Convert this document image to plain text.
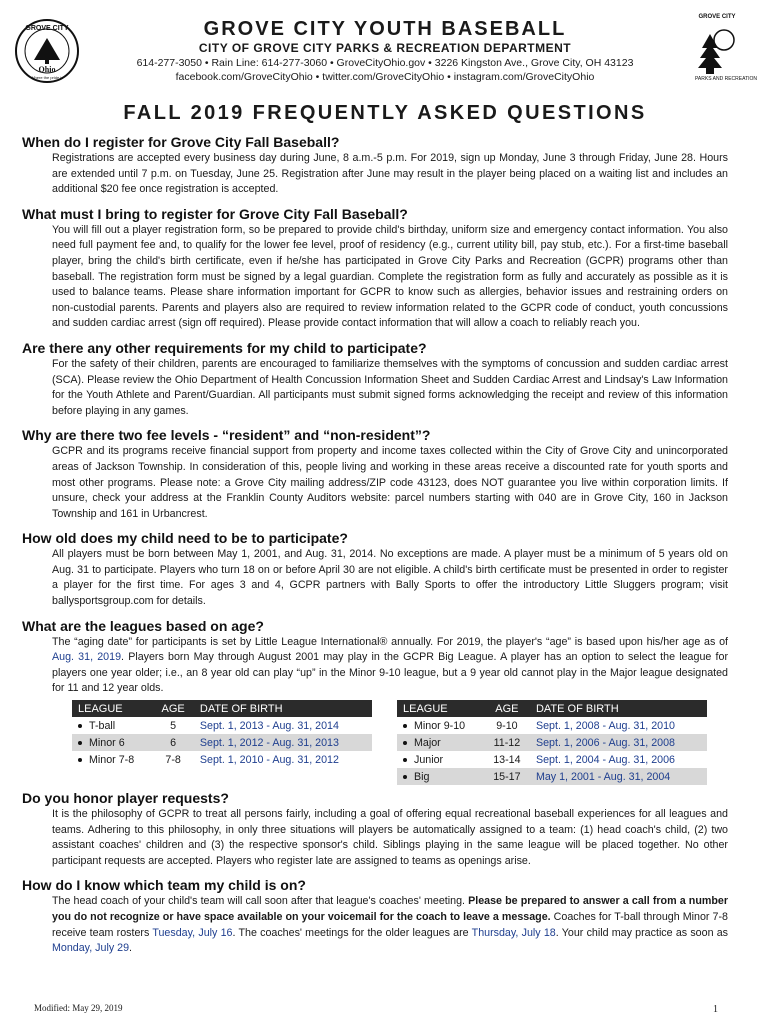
GROVE CITY
Ohio
Where the pride is
GROVE CITY YOUTH BASEBALL
CITY OF GROVE CITY PARKS & RECREATION DEPARTMENT
614-277-3050 • Rain Line: 614-277-3060 • GroveCityOhio.gov • 3226 Kingston Ave., Grove City, OH 43123
facebook.com/GroveCityOhio • twitter.com/GroveCityOhio • instagram.com/GroveCityOhio
GROVE CITY
PARKS AND RECREATION
FALL 2019 FREQUENTLY ASKED QUESTIONS
When do I register for Grove City Fall Baseball?

Registrations are accepted every business day during June, 8 a.m.-5 p.m. For 2019, sign up Monday, June 3 through Friday, June 28. Hours are extended until 7 p.m. on Tuesday, June 25. Registration after June may result in the player being placed on a waiting list and includes an additional $20 fee once registration is accepted.

What must I bring to register for Grove City Fall Baseball?

You will fill out a player registration form, so be prepared to provide child's birthday, uniform size and emergency contact information. You also need full payment fee and, to qualify for the lower fee level, proof of residency (e.g., current utility bill, pay stub, etc.). For a first-time baseball player, bring the child's birth certificate, even if he/she has participated in Grove City Parks and Recreation (GCPR) programs other than baseball. The registration form must be signed by a legal guardian. Complete the registration form as fully and accurately as possible as it is used to balance teams. Please share information important for GCPR to know such as allergies, behavior issues and restraining orders on non-custodial parents. Parents and players also are required to review information related to the GCPR code of conduct, youth concussions and sudden cardiac arrest (sign off required). Please provide contact information that will allow a coach to reliably reach you.

Are there any other requirements for my child to participate?

For the safety of their children, parents are encouraged to familiarize themselves with the symptoms of concussion and sudden cardiac arrest (SCA). Please review the Ohio Department of Health Concussion Information Sheet and Sudden Cardiac Arrest and Lindsay's Law Information for the Youth Athlete and Parent/Guardian. All participants must submit signed forms acknowledging the receipt and review of this information before playing in any games.

Why are there two fee levels - “resident” and “non-resident”?

GCPR and its programs receive financial support from property and income taxes collected within the City of Grove City and unincorporated areas of Jackson Township. In consideration of this, people living and working in these areas receive a discounted rate for youth sports and most other programs. Please note: a Grove City mailing address/ZIP code 43123, does NOT guarantee you live within corporation limits. If unsure, check your address at the Franklin County Auditors website: parcel numbers starting with 040 are in Grove City, 160 in Jackson Township and 161 in Urbancrest.

How old does my child need to be to participate?

All players must be born between May 1, 2001, and Aug. 31, 2014. No exceptions are made. A player must be a minimum of 5 years old on Aug. 31 to participate. Players who turn 18 on or before April 30 are not eligible. A child's birth certificate must be presented in order to register a player for the first time. For ages 3 and 4, GCPR partners with Bally Sports to offer the introductory Little Sluggers program; visit ballysportsgroup.com for details.

What are the leagues based on age?

The “aging date” for participants is set by Little League International® annually. For 2019, the player's “age” is based upon his/her age as of Aug. 31, 2019. Players born May through August 2001 may play in the GCPR Big League. A player has an option to select the league for players one year older; i.e., an 8 year old can play “up” in the Minor 9-10 league, but a 9 year old cannot play in the Major league designated for 11 and 12 year olds.

LEAGUE	AGE	DATE OF BIRTH
T-ball	5	Sept. 1, 2013 - Aug. 31, 2014
Minor 6	6	Sept. 1, 2012 - Aug. 31, 2013
Minor 7-8	7-8	Sept. 1, 2010 - Aug. 31, 2012
LEAGUE	AGE	DATE OF BIRTH
Minor 9-10	9-10	Sept. 1, 2008 - Aug. 31, 2010
Major	11-12	Sept. 1, 2006 - Aug. 31, 2008
Junior	13-14	Sept. 1, 2004 - Aug. 31, 2006
Big	15-17	May 1, 2001 - Aug. 31, 2004
Do you honor player requests?

It is the philosophy of GCPR to treat all persons fairly, including a goal of offering equal recreational baseball experiences for all leagues and teams. Adhering to this philosophy, in only three situations will players be automatically assigned to a team: (1) head coach's child, (2) two assistant coaches' children and (3) the respective sponsor's child. Siblings playing in the same league will be placed together. No other participant requests are accepted. Players who register late are assigned to teams as openings arise.

How do I know which team my child is on?

The head coach of your child's team will call soon after that league's coaches' meeting. Please be prepared to answer a call from a number you do not recognize or have space available on your voicemail for the coach to leave a message. Coaches for T-ball through Minor 7-8 receive team rosters Tuesday, July 16. The coaches' meetings for the older leagues are Thursday, July 18. Your child may practice as soon as Monday, July 29.

Modified: May 29, 2019	1
